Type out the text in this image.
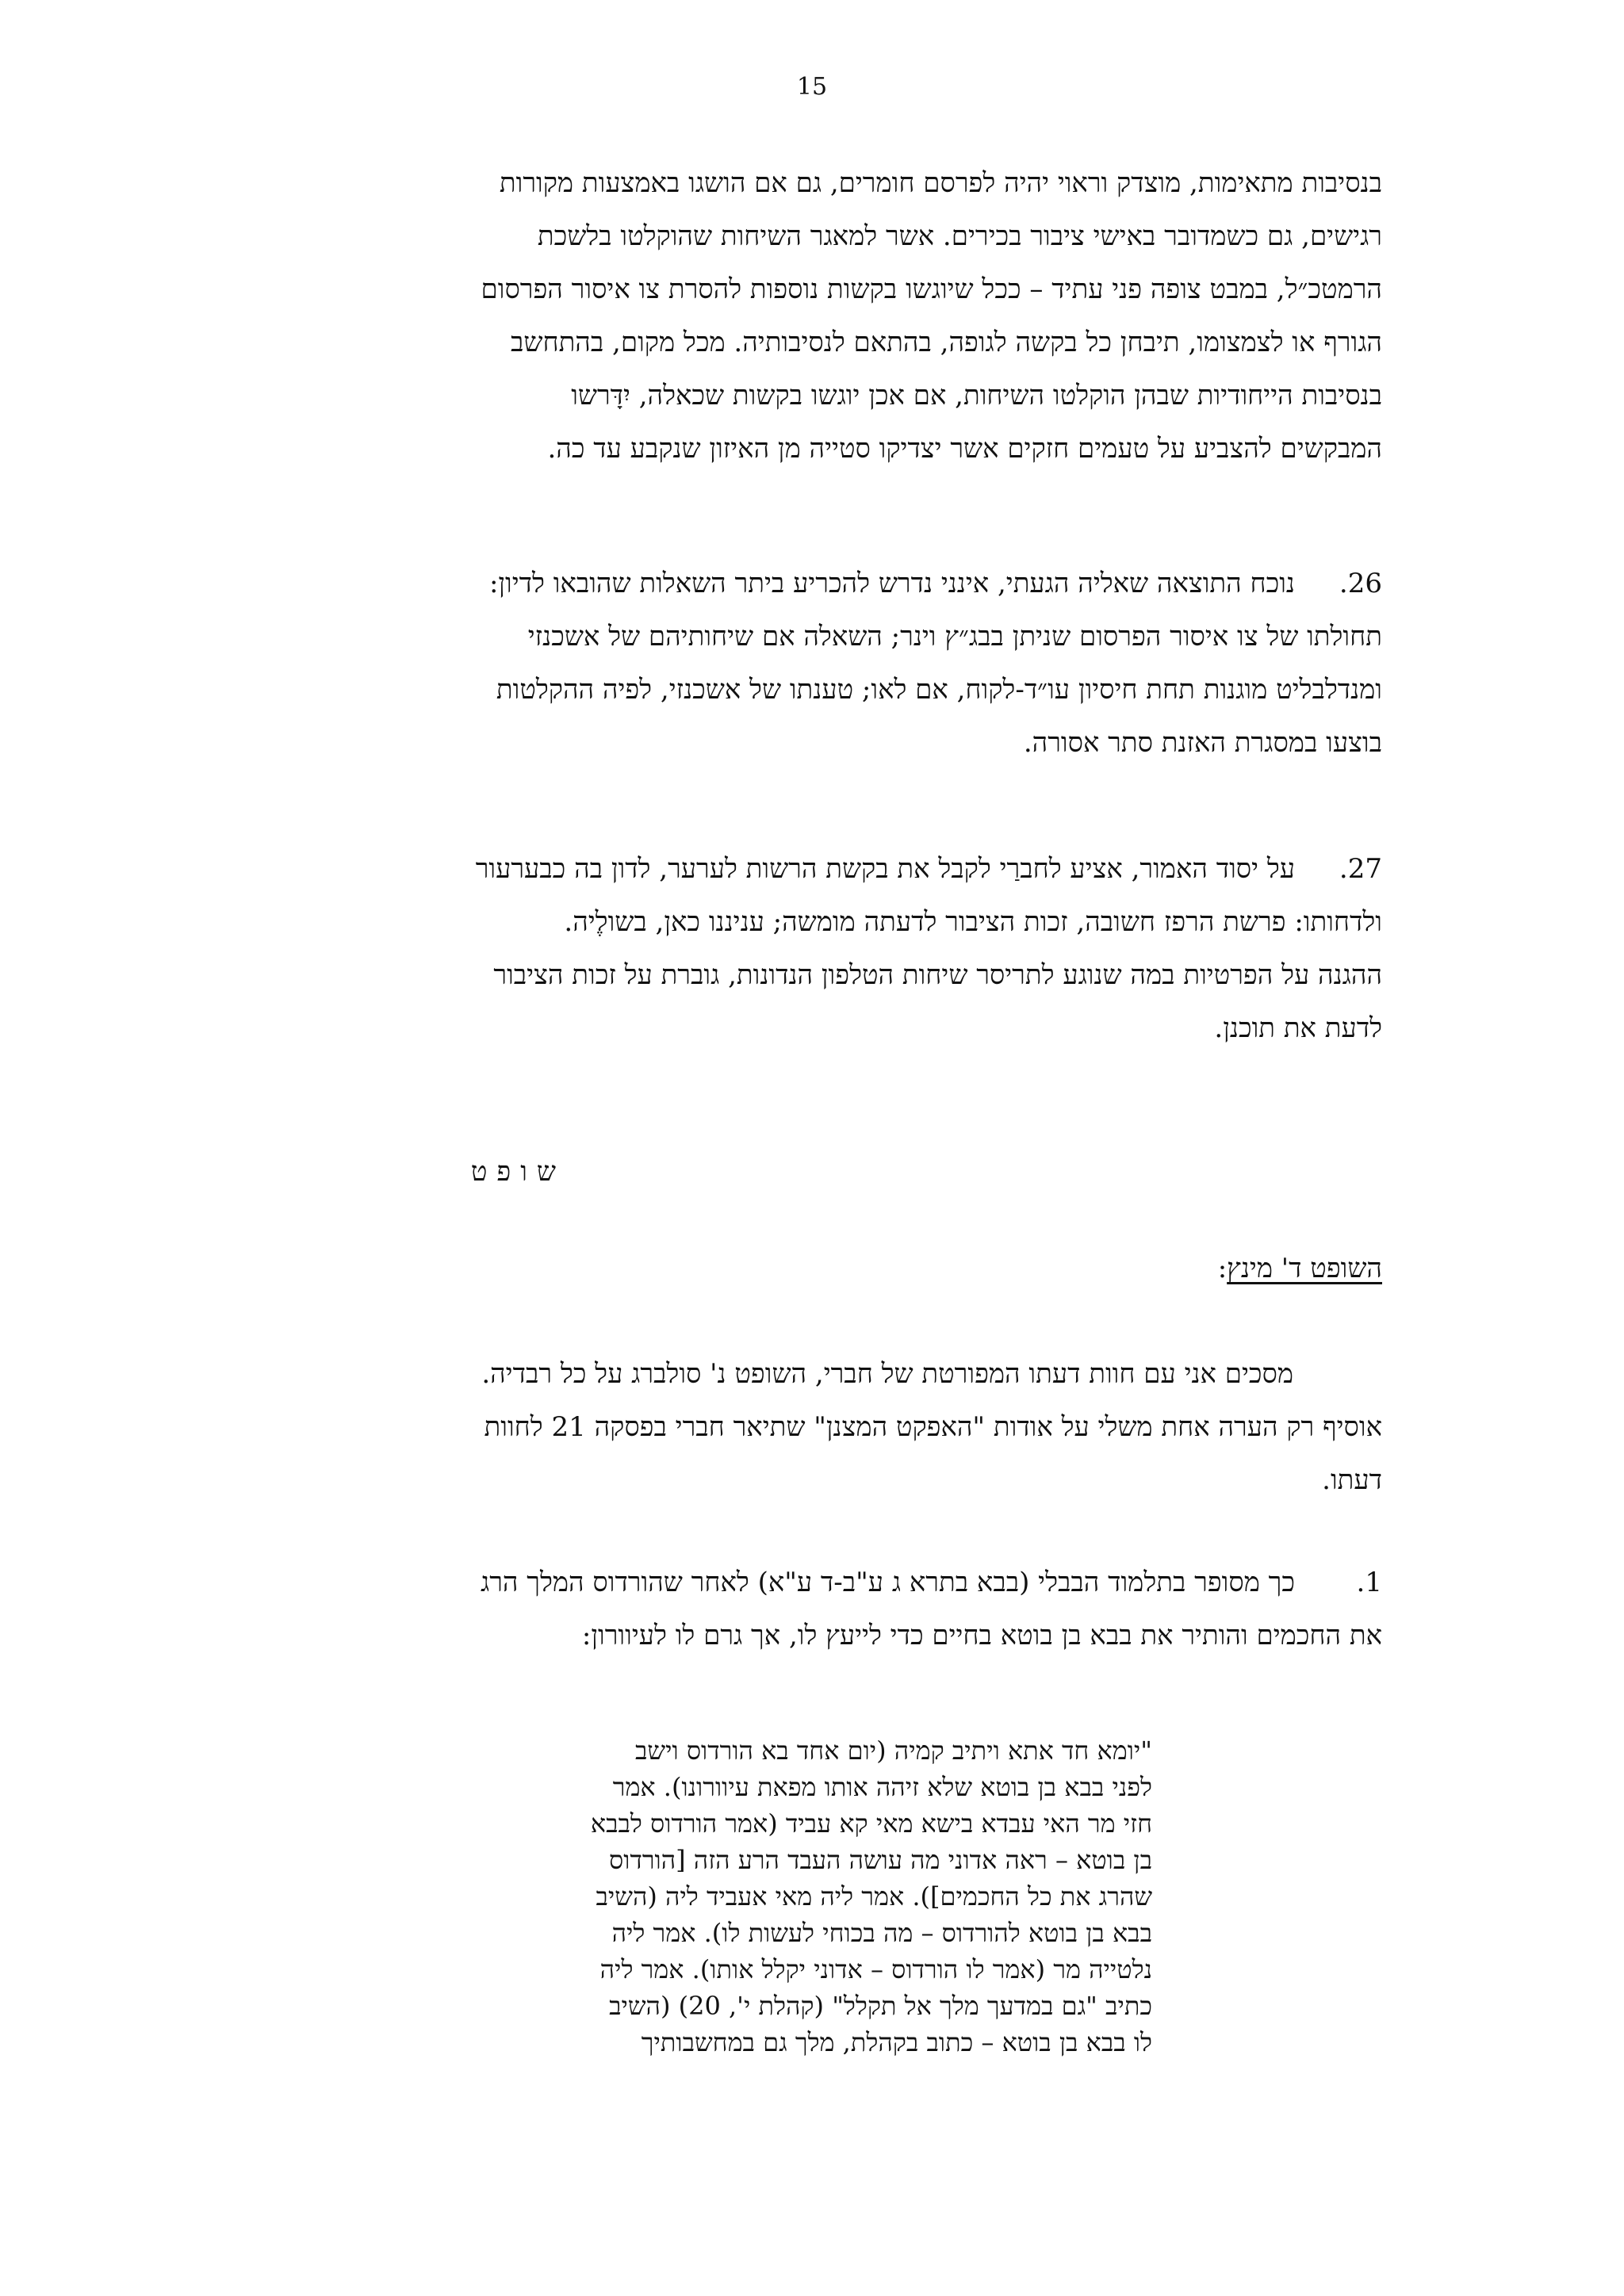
15
בנסיבות מתאימות, מוצדק וראוי יהיה לפרסם חומרים, גם אם הושגו באמצעות מקורות
רגישים, גם כשמדובר באישי ציבור בכירים. אשר למאגר השיחות שהוקלטו בלשכת
הרמטכ״ל, במבט צופה פני עתיד – ככל שיוגשו בקשות נוספות להסרת צו איסור הפרסום
הגורף או לצמצומו, תיבחן כל בקשה לגופה, בהתאם לנסיבותיה. מכל מקום, בהתחשב
בנסיבות הייחודיות שבהן הוקלטו השיחות, אם אכן יוגשו בקשות שכאלה, יִדָּרשו
המבקשים להצביע על טעמים חזקים אשר יצדיקו סטייה מן האיזון שנקבע עד כה.
26.נוכח התוצאה שאליה הגעתי, אינני נדרש להכריע ביתר השאלות שהובאו לדיון:
תחולתו של צו איסור הפרסום שניתן בבג״ץ וינר; השאלה אם שיחותיהם של אשכנזי
ומנדלבליט מוגנות תחת חיסיון עו״ד-לקוח, אם לאו; טענתו של אשכנזי, לפיה ההקלטות
בוצעו במסגרת האזנת סתר אסורה.
27.על יסוד האמור, אציע לחברַי לקבל את בקשת הרשות לערער, לדון בה כבערעור
ולדחותו: פרשת הרפז חשובה, זכות הציבור לדעתה מומשה; עניננו כאן, בשולֶיה.
ההגנה על הפרטיות במה שנוגע לתריסר שיחות הטלפון הנדונות, גוברת על זכות הציבור
לדעת את תוכנן.
שופט
השופט ד' מינץ:
מסכים אני עם חוות דעתו המפורטת של חברי, השופט נ' סולברג על כל רבדיה.
אוסיף רק הערה אחת משלי על אודות "האפקט המצנן" שתיאר חברי בפסקה 21 לחוות
דעתו.
1.כך מסופר בתלמוד הבבלי (בבא בתרא ג ע"ב-ד ע"א) לאחר שהורדוס המלך הרג
את החכמים והותיר את בבא בן בוטא בחיים כדי לייעץ לו, אך גרם לו לעיוורון:
"יומא חד אתא ויתיב קמיה (יום אחד בא הורדוס וישב
לפני בבא בן בוטא שלא זיהה אותו מפאת עיוורונו). אמר
חזי מר האי עבדא בישא מאי קא עביד (אמר הורדוס לבבא
בן בוטא – ראה אדוני מה עושה העבד הרע הזה [הורדוס
שהרג את כל החכמים]). אמר ליה מאי אעביד ליה (השיב
בבא בן בוטא להורדוס – מה בכוחי לעשות לו). אמר ליה
נלטייה מר (אמר לו הורדוס – אדוני יקלל אותו). אמר ליה
כתיב "גם במדעך מלך אל תקלל" (קהלת י', 20) (השיב
לו בבא בן בוטא – כתוב בקהלת, מלך גם במחשבותיך
